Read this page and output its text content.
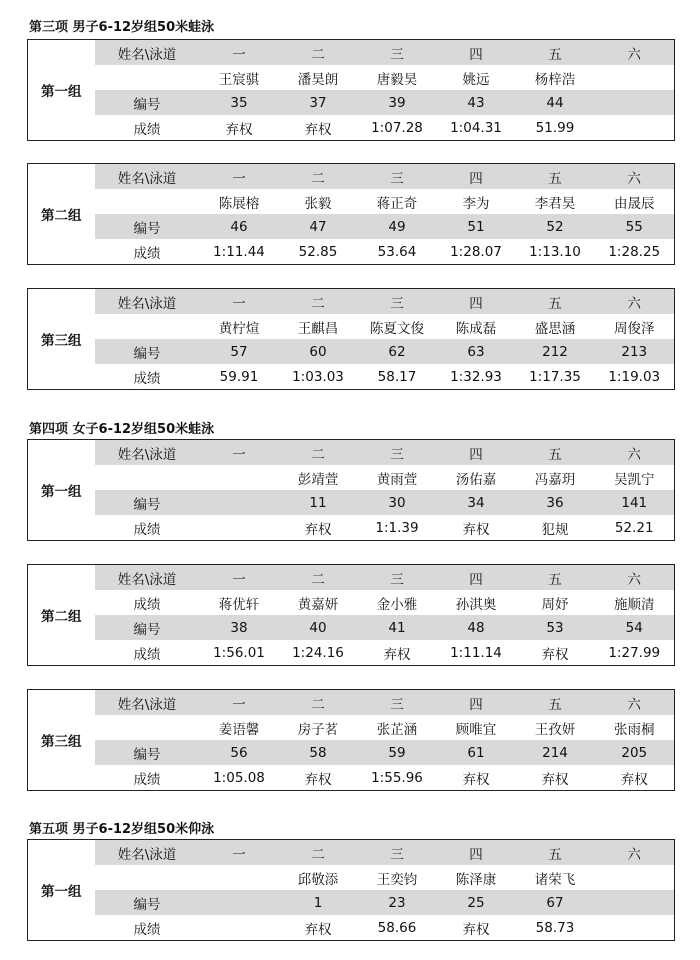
第三项 男子6-12岁组50米蛙泳
第一组	姓名\泳道	一	二	三	四	五	六
		王宸骐	潘昊朗	唐毅昊	姚远	杨梓浩	
	编号	35	37	39	43	44	
	成绩	弃权	弃权	1:07.28	1:04.31	51.99	
第二组	姓名\泳道	一	二	三	四	五	六
		陈展榕	张毅	蒋正奇	李为	李君昊	由晟辰
	编号	46	47	49	51	52	55
	成绩	1:11.44	52.85	53.64	1:28.07	1:13.10	1:28.25
第三组	姓名\泳道	一	二	三	四	五	六
		黄柠煊	王麒昌	陈夏文俊	陈成磊	盛思涵	周俊泽
	编号	57	60	62	63	212	213
	成绩	59.91	1:03.03	58.17	1:32.93	1:17.35	1:19.03
第四项 女子6-12岁组50米蛙泳
第一组	姓名\泳道	一	二	三	四	五	六
			彭靖萱	黄雨萱	汤佑嘉	冯嘉玥	吴凯宁
	编号		11	30	34	36	141
	成绩		弃权	1:1.39	弃权	犯规	52.21
第二组	姓名\泳道	一	二	三	四	五	六
	成绩	蒋优轩	黄嘉妍	金小雅	孙淇奥	周妤	施顺清
	编号	38	40	41	48	53	54
	成绩	1:56.01	1:24.16	弃权	1:11.14	弃权	1:27.99
第三组	姓名\泳道	一	二	三	四	五	六
		姜语馨	房子茗	张芷涵	顾唯宜	王孜妍	张雨桐
	编号	56	58	59	61	214	205
	成绩	1:05.08	弃权	1:55.96	弃权	弃权	弃权
第五项 男子6-12岁组50米仰泳
第一组	姓名\泳道	一	二	三	四	五	六
			邱敬添	王奕钧	陈泽康	诸荣飞	
	编号		1	23	25	67	
	成绩		弃权	58.66	弃权	58.73	
